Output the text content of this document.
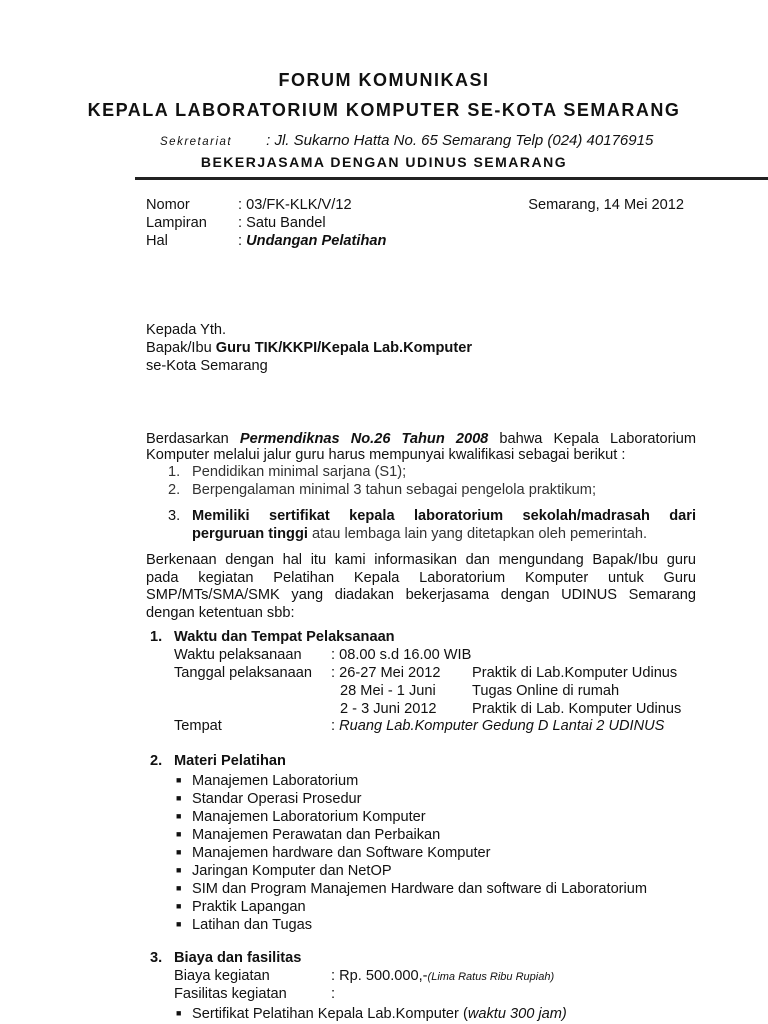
FORUM KOMUNIKASI
KEPALA LABORATORIUM KOMPUTER SE-KOTA SEMARANG
Sekretariat : Jl. Sukarno Hatta No. 65 Semarang Telp (024) 40176915
BEKERJASAMA DENGAN UDINUS SEMARANG
Nomor	: 03/FK-KLK/V/12	Semarang, 14 Mei 2012
Lampiran : Satu Bandel
Hal	: Undangan Pelatihan
Kepada Yth.
Bapak/Ibu Guru TIK/KKPI/Kepala Lab.Komputer
se-Kota Semarang
Berdasarkan Permendiknas No.26 Tahun 2008 bahwa Kepala Laboratorium
Komputer melalui jalur guru harus mempunyai kwalifikasi sebagai berikut :
1. Pendidikan minimal sarjana (S1);
2. Berpengalaman minimal 3 tahun sebagai pengelola praktikum;
3. Memiliki sertifikat kepala laboratorium sekolah/madrasah dari
perguruan tinggi atau lembaga lain yang ditetapkan oleh pemerintah.
Berkenaan dengan hal itu kami informasikan dan mengundang Bapak/Ibu guru
pada kegiatan Pelatihan Kepala Laboratorium Komputer untuk Guru
SMP/MTs/SMA/SMK yang diadakan bekerjasama dengan UDINUS Semarang
dengan ketentuan sbb:
1. Waktu dan Tempat Pelaksanaan
Waktu pelaksanaan : 08.00 s.d 16.00 WIB
Tanggal pelaksanaan : 26-27 Mei 2012 Praktik di Lab.Komputer Udinus
28 Mei - 1 Juni Tugas Online di rumah
2 - 3 Juni 2012 Praktik di Lab. Komputer Udinus
Tempat	: Ruang Lab.Komputer Gedung D Lantai 2 UDINUS
2. Materi Pelatihan
■ Manajemen Laboratorium
■ Standar Operasi Prosedur
■ Manajemen Laboratorium Komputer
■ Manajemen Perawatan dan Perbaikan
■ Manajemen hardware dan Software Komputer
■ Jaringan Komputer dan NetOP
■ SIM dan Program Manajemen Hardware dan software di Laboratorium
■ Praktik Lapangan
■ Latihan dan Tugas
3. Biaya dan fasilitas
Biaya kegiatan	: Rp. 500.000,-(Lima Ratus Ribu Rupiah)
Fasilitas kegiatan	:
■ Sertifikat Pelatihan Kepala Lab.Komputer (waktu 300 jam)
